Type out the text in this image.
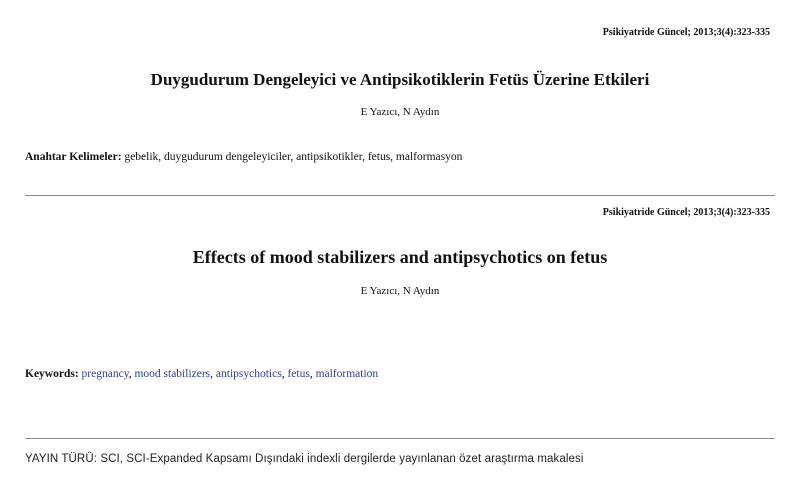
Psikiyatride Güncel; 2013;3(4):323-335
Duygudurum Dengeleyici ve Antipsikotiklerin Fetüs Üzerine Etkileri
E Yazıcı, N Aydın
Anahtar Kelimeler: gebelik, duygudurum dengeleyiciler, antipsikotikler, fetus, malformasyon
Psikiyatride Güncel; 2013;3(4):323-335
Effects of mood stabilizers and antipsychotics on fetus
E Yazıcı, N Aydın
Keywords: pregnancy, mood stabilizers, antipsychotics, fetus, malformation
YAYIN TÜRÜ: SCI, SCI-Expanded Kapsamı Dışındaki indexli dergilerde yayınlanan özet araştırma makalesi
